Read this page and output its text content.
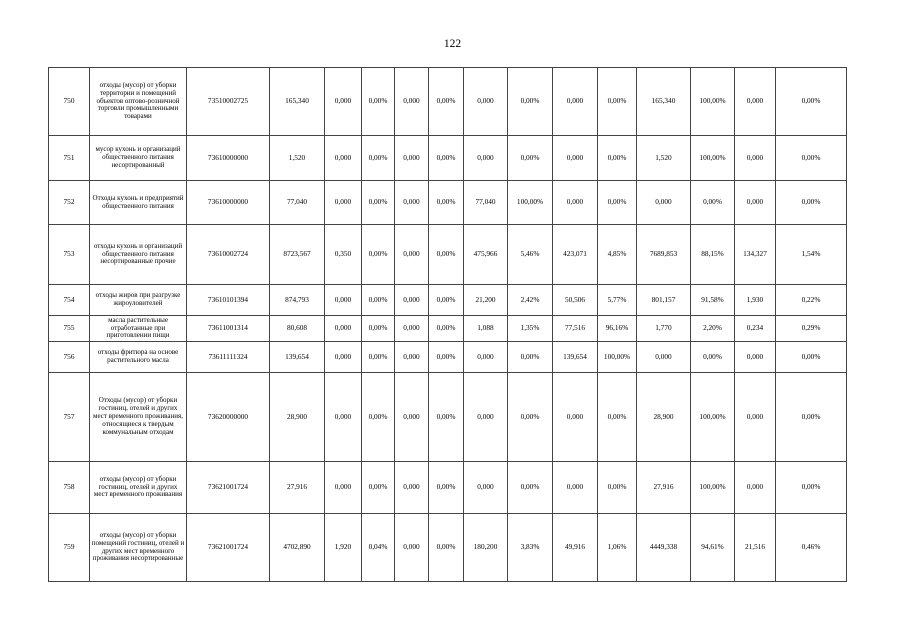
122
750	отходы (мусор) от уборки территории и помещений объектов оптово-розничной торговли промышленными товарами	73510002725	165,340	0,000	0,00%	0,000	0,00%	0,000	0,00%	0,000	0,00%	165,340	100,00%	0,000	0,00%
751	мусор кухонь и организаций общественного питания несортированный	73610000000	1,520	0,000	0,00%	0,000	0,00%	0,000	0,00%	0,000	0,00%	1,520	100,00%	0,000	0,00%
752	Отходы кухонь и предприятий общественного питания	73610000000	77,040	0,000	0,00%	0,000	0,00%	77,040	100,00%	0,000	0,00%	0,000	0,00%	0,000	0,00%
753	отходы кухонь и организаций общественного питания несортированные прочие	73610002724	8723,567	0,350	0,00%	0,000	0,00%	475,966	5,46%	423,071	4,85%	7689,853	88,15%	134,327	1,54%
754	отходы жиров при разгрузке жироуловителей	73610101394	874,793	0,000	0,00%	0,000	0,00%	21,200	2,42%	50,506	5,77%	801,157	91,58%	1,930	0,22%
755	масла растительные отработанные при приготовлении пищи	73611001314	80,608	0,000	0,00%	0,000	0,00%	1,088	1,35%	77,516	96,16%	1,770	2,20%	0,234	0,29%
756	отходы фритюра на основе растительного масла	73611111324	139,654	0,000	0,00%	0,000	0,00%	0,000	0,00%	139,654	100,00%	0,000	0,00%	0,000	0,00%
757	Отходы (мусор) от уборки гостиниц, отелей и других мест временного проживания, относящиеся к твердым коммунальным отходам	73620000000	28,900	0,000	0,00%	0,000	0,00%	0,000	0,00%	0,000	0,00%	28,900	100,00%	0,000	0,00%
758	отходы (мусор) от уборки гостиниц, отелей и других мест временного проживания	73621001724	27,916	0,000	0,00%	0,000	0,00%	0,000	0,00%	0,000	0,00%	27,916	100,00%	0,000	0,00%
759	отходы (мусор) от уборки помещений гостиниц, отелей и других мест временного проживания несортированные	73621001724	4702,890	1,920	0,04%	0,000	0,00%	180,200	3,83%	49,916	1,06%	4449,338	94,61%	21,516	0,46%
